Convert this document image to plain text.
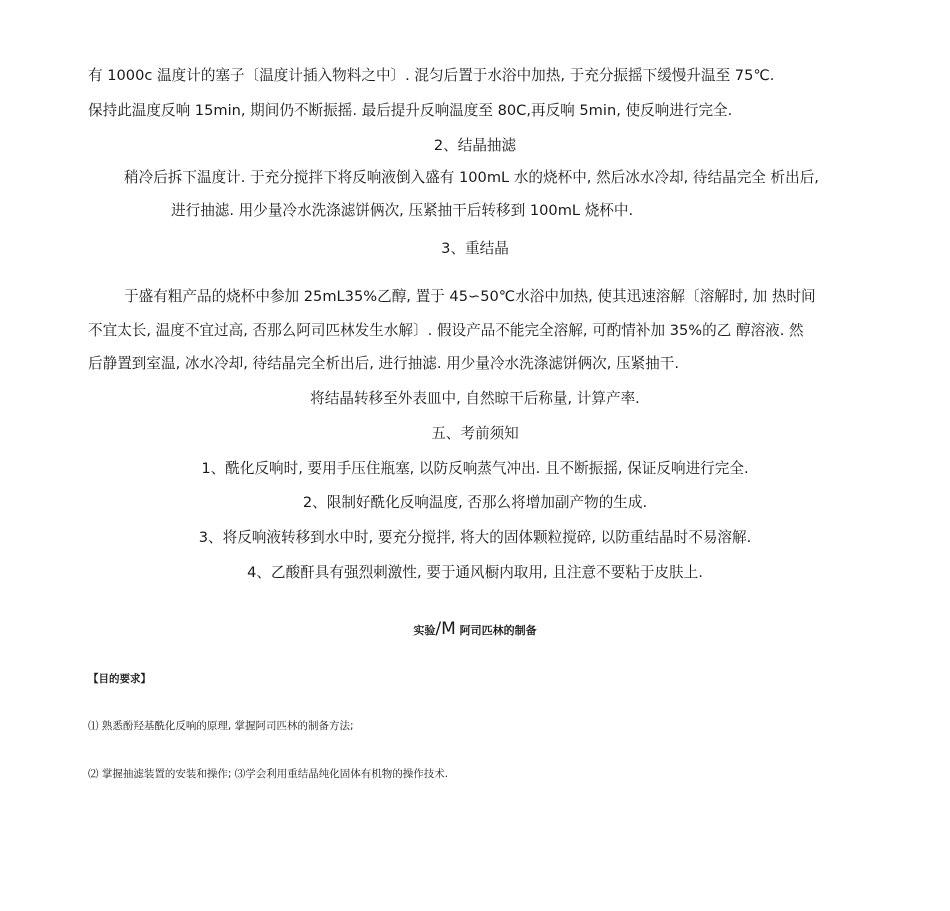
有 1000c 温度计的塞子〔温度计插入物料之中〕. 混匀后置于水浴中加热, 于充分振摇下缓慢升温至 75℃.
保持此温度反响 15min, 期间仍不断振摇. 最后提升反响温度至 80C,再反响 5min, 使反响进行完全.
2、结晶抽滤
稍冷后拆下温度计. 于充分搅拌下将反响液倒入盛有 100mL 水的烧杯中, 然后冰水冷却, 待结晶完全 析出后,
进行抽滤. 用少量冷水洗涤滤饼俩次, 压紧抽干后转移到 100mL 烧杯中.
3、重结晶
于盛有粗产品的烧杯中参加 25mL35%乙醇, 置于 45∽50℃水浴中加热, 使其迅速溶解〔溶解时, 加 热时间
不宜太长, 温度不宜过高, 否那么阿司匹林发生水解〕. 假设产品不能完全溶解, 可酌情补加 35%的乙 醇溶液. 然
后静置到室温, 冰水冷却, 待结晶完全析出后, 进行抽滤. 用少量冷水洗涤滤饼俩次, 压紧抽干.
将结晶转移至外表皿中, 自然晾干后称量, 计算产率.
五、考前须知
1、酰化反响时, 要用手压住瓶塞, 以防反响蒸气冲出. 且不断振摇, 保证反响进行完全.
2、限制好酰化反响温度, 否那么将增加副产物的生成.
3、将反响液转移到水中时, 要充分搅拌, 将大的固体颗粒搅碎, 以防重结晶时不易溶解.
4、乙酸酐具有强烈刺激性, 要于通风橱内取用, 且注意不要粘于皮肤上.
实验/M 阿司匹林的制备
【目的要求】
⑴ 熟悉酚羟基酰化反响的原理, 掌握阿司匹林的制备方法;
⑵ 掌握抽滤装置的安装和操作; ⑶学会利用重结晶纯化固体有机物的操作技术.
